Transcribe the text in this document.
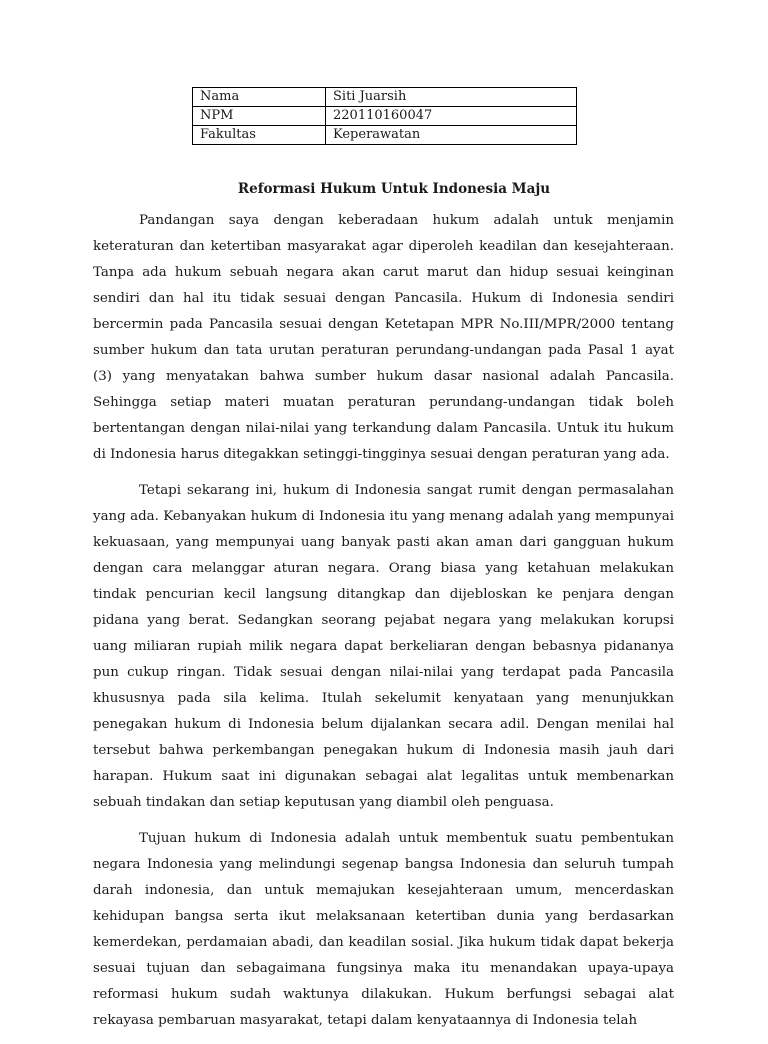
Nama	Siti Juarsih
NPM	220110160047
Fakultas	Keperawatan
Reformasi Hukum Untuk Indonesia Maju

Pandangan saya dengan keberadaan hukum adalah untuk menjamin keteraturan dan ketertiban masyarakat agar diperoleh keadilan dan kesejahteraan. Tanpa ada hukum sebuah negara akan carut marut dan hidup sesuai keinginan sendiri dan hal itu tidak sesuai dengan Pancasila. Hukum di Indonesia sendiri bercermin pada Pancasila sesuai dengan Ketetapan MPR No.III/MPR/2000 tentang sumber hukum dan tata urutan peraturan perundang-undangan pada Pasal 1 ayat (3) yang menyatakan bahwa sumber hukum dasar nasional adalah Pancasila. Sehingga setiap materi muatan peraturan perundang-undangan tidak boleh bertentangan dengan nilai-nilai yang terkandung dalam Pancasila. Untuk itu hukum di Indonesia harus ditegakkan setinggi-tingginya sesuai dengan peraturan yang ada.

Tetapi sekarang ini, hukum di Indonesia sangat rumit dengan permasalahan yang ada. Kebanyakan hukum di Indonesia itu yang menang adalah yang mempunyai kekuasaan, yang mempunyai uang banyak pasti akan aman dari gangguan hukum dengan cara melanggar aturan negara. Orang biasa yang ketahuan melakukan tindak pencurian kecil langsung ditangkap dan dijebloskan ke penjara dengan pidana yang berat. Sedangkan seorang pejabat negara yang melakukan korupsi uang miliaran rupiah milik negara dapat berkeliaran dengan bebasnya pidananya pun cukup ringan. Tidak sesuai dengan nilai-nilai yang terdapat pada Pancasila khususnya pada sila kelima. Itulah sekelumit kenyataan yang menunjukkan penegakan hukum di Indonesia belum dijalankan secara adil. Dengan menilai hal tersebut bahwa perkembangan penegakan hukum di Indonesia masih jauh dari harapan. Hukum saat ini digunakan sebagai alat legalitas untuk membenarkan sebuah tindakan dan setiap keputusan yang diambil oleh penguasa.

Tujuan hukum di Indonesia adalah untuk membentuk suatu pembentukan negara Indonesia yang melindungi segenap bangsa Indonesia dan seluruh tumpah darah indonesia, dan untuk memajukan kesejahteraan umum, mencerdaskan kehidupan bangsa serta ikut melaksanaan ketertiban dunia yang berdasarkan kemerdekan, perdamaian abadi, dan keadilan sosial. Jika hukum tidak dapat bekerja sesuai tujuan dan sebagaimana fungsinya maka itu menandakan upaya-upaya reformasi hukum sudah waktunya dilakukan. Hukum berfungsi sebagai alat rekayasa pembaruan masyarakat, tetapi dalam kenyataannya di Indonesia telah
